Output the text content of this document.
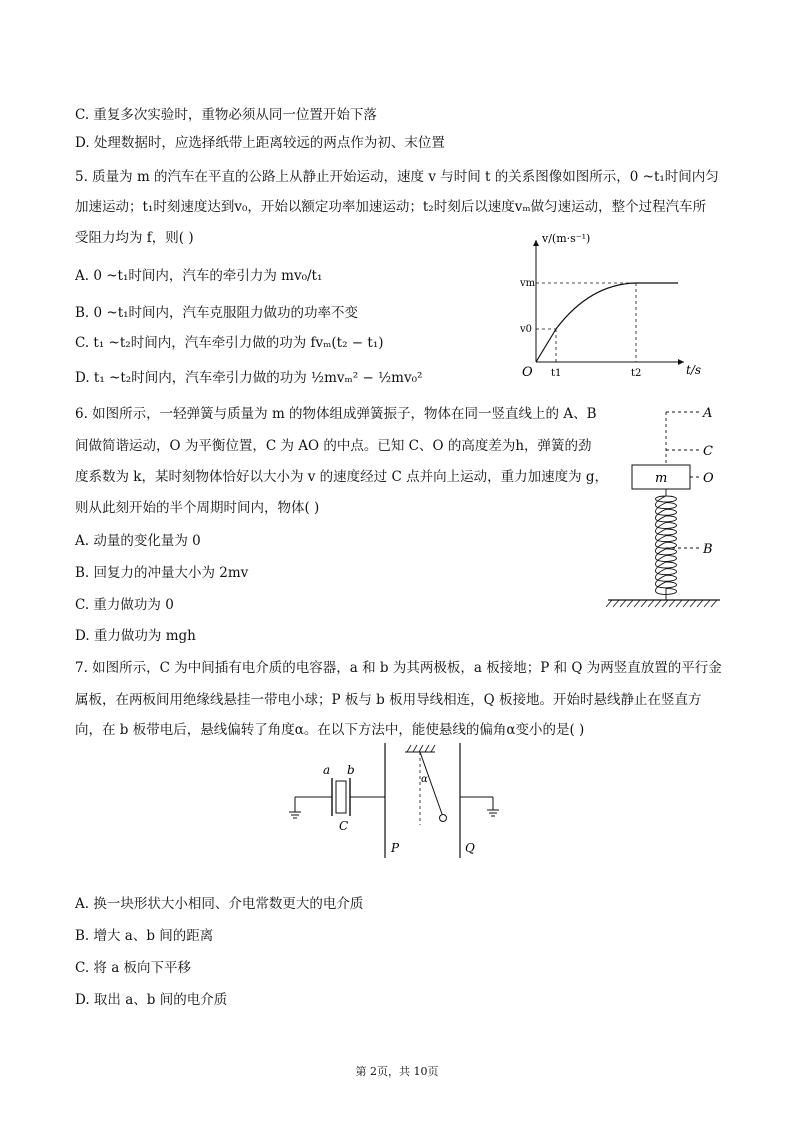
C. 重复多次实验时，重物必须从同一位置开始下落
D. 处理数据时，应选择纸带上距离较远的两点作为初、末位置
5. 质量为 m 的汽车在平直的公路上从静止开始运动，速度 v 与时间 t 的关系图像如图所示，0 ~t₁时间内匀
加速运动；t₁时刻速度达到v₀，开始以额定功率加速运动；t₂时刻后以速度vₘ做匀速运动，整个过程汽车所
受阻力均为 f，则( )
A. 0 ~t₁时间内，汽车的牵引力为 mv₀/t₁
B. 0 ~t₁时间内，汽车克服阻力做功的功率不变
C. t₁ ~t₂时间内，汽车牵引力做的功为 fvₘ(t₂ − t₁)
D. t₁ ~t₂时间内，汽车牵引力做的功为 ½mvₘ² − ½mv₀²
6. 如图所示，一轻弹簧与质量为 m 的物体组成弹簧振子，物体在同一竖直线上的 A、B
间做简谐运动，O 为平衡位置，C 为 AO 的中点。已知 C、O 的高度差为h，弹簧的劲
度系数为 k，某时刻物体恰好以大小为 v 的速度经过 C 点并向上运动，重力加速度为 g，
则从此刻开始的半个周期时间内，物体( )
A. 动量的变化量为 0
B. 回复力的冲量大小为 2mv
C. 重力做功为 0
D. 重力做功为 mgh
7. 如图所示，C 为中间插有电介质的电容器，a 和 b 为其两极板，a 板接地；P 和 Q 为两竖直放置的平行金
属板，在两板间用绝缘线悬挂一带电小球；P 板与 b 板用导线相连，Q 板接地。开始时悬线静止在竖直方
向，在 b 板带电后，悬线偏转了角度α。在以下方法中，能使悬线的偏角α变小的是( )
A. 换一块形状大小相同、介电常数更大的电介质
B. 增大 a、b 间的距离
C. 将 a 板向下平移
D. 取出 a、b 间的电介质
v/(m·s⁻¹)
t/s
O
vm
v0
t1	t2
A
C
m	O
B
a b
C
P
α
Q
第 2页，共 10页
